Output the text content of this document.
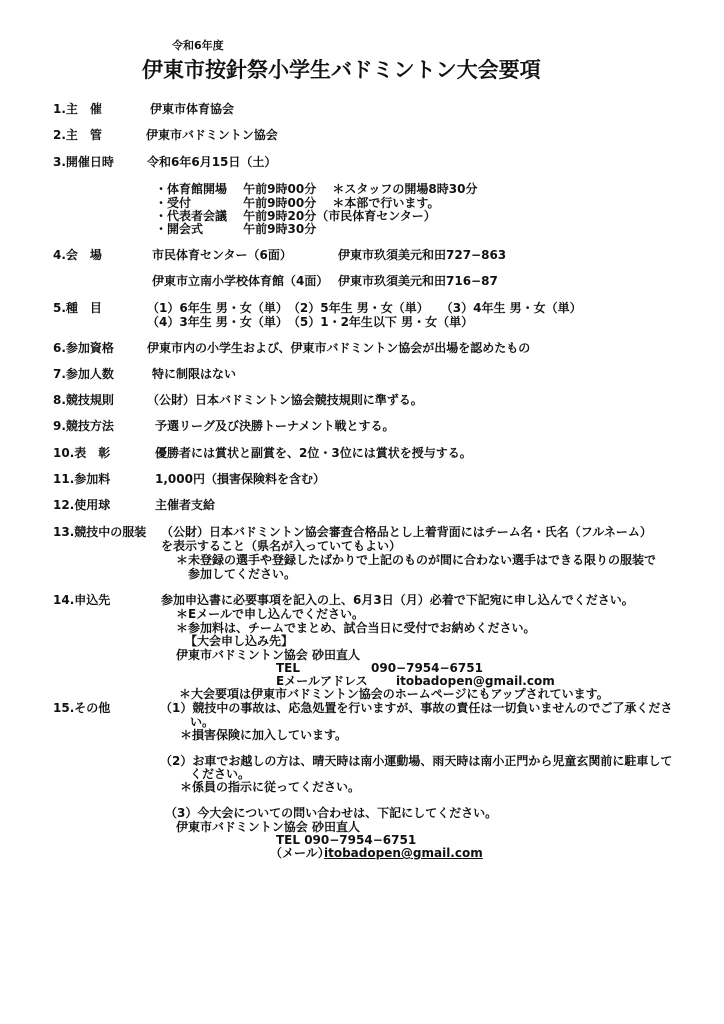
令和6年度
伊東市按針祭小学生バドミントン大会要項
1.主　催	伊東市体育協会
2.主　管	伊東市バドミントン協会
3.開催日時	令和6年6月15日（土）
・体育館開場　 午前9時00分　 ＊スタッフの開場8時30分
・受付　　　　 午前9時00分　 ＊本部で行います。
・代表者会議　 午前9時20分（市民体育センター）
・開会式　　　 午前9時30分
4.会　場	市民体育センター（6面）	伊東市玖須美元和田727−863
伊東市立南小学校体育館（4面） 伊東市玖須美元和田716−87
5.種　目	（1）6年生 男・女（単）　（2）5年生 男・女（単）　　（3）4年生 男・女（単）
（4）3年生 男・女（単）　（5）1・2年生以下 男・女（単）
6.参加資格	伊東市内の小学生および、伊東市バドミントン協会が出場を認めたもの
7.参加人数	特に制限はない
8.競技規則	（公財）日本バドミントン協会競技規則に準ずる。
9.競技方法	予選リーグ及び決勝トーナメント戦とする。
10.表　彰	優勝者には賞状と副賞を、2位・3位には賞状を授与する。
11.参加料	1,000円（損害保険料を含む）
12.使用球	主催者支給
13.競技中の服装 （公財）日本バドミントン協会審査合格品とし上着背面にはチーム名・氏名（フルネーム）
を表示すること（県名が入っていてもよい）
＊未登録の選手や登録したばかりで上記のものが間に合わない選手はできる限りの服装で
参加してください。
14.申込先	参加申込書に必要事項を記入の上、6月3日（月）必着で下記宛に申し込んでください。
＊Eメールで申し込んでください。
＊参加料は、チームでまとめ、試合当日に受付でお納めください。
【大会申し込み先】
伊東市バドミントン協会 砂田直人
TEL	090−7954−6751
Eメールアドレス itobadopen@gmail.com
＊大会要項は伊東市バドミントン協会のホームページにもアップされています。
15.その他	（1）競技中の事故は、応急処置を行いますが、事故の責任は一切負いませんのでご了承くださ
い。
＊損害保険に加入しています。
（2）お車でお越しの方は、晴天時は南小運動場、雨天時は南小正門から児童玄関前に駐車して
ください。
＊係員の指示に従ってください。
（3）今大会についての問い合わせは、下記にしてください。
伊東市バドミントン協会 砂田直人
TEL 090−7954−6751
（メール）
itobadopen@gmail.com
